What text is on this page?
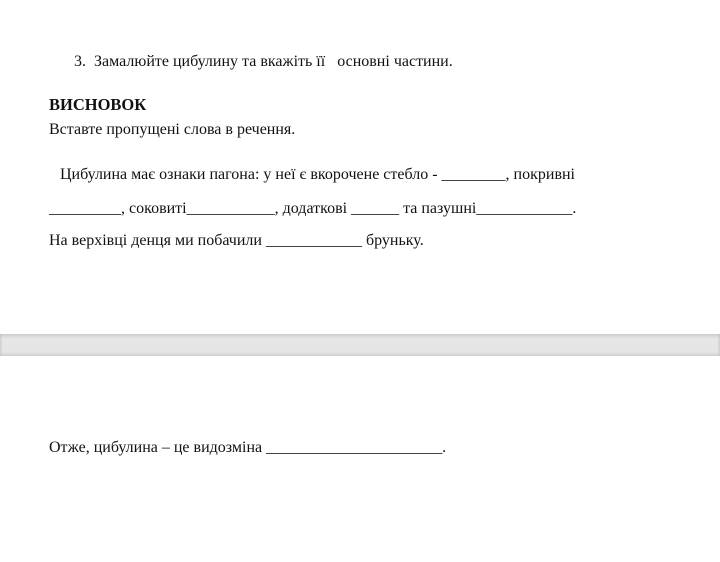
3. Замалюйте цибулину та вкажіть її   основні частини.
ВИСНОВОК
Вставте пропущені слова в речення.
Цибулина має ознаки пагона: у неї є вкорочене стебло - ________, покривні
_________, соковиті___________, додаткові ______ та пазушні____________.
На верхівці денця ми побачили ____________ бруньку.
Отже, цибулина – це видозміна ______________________.
